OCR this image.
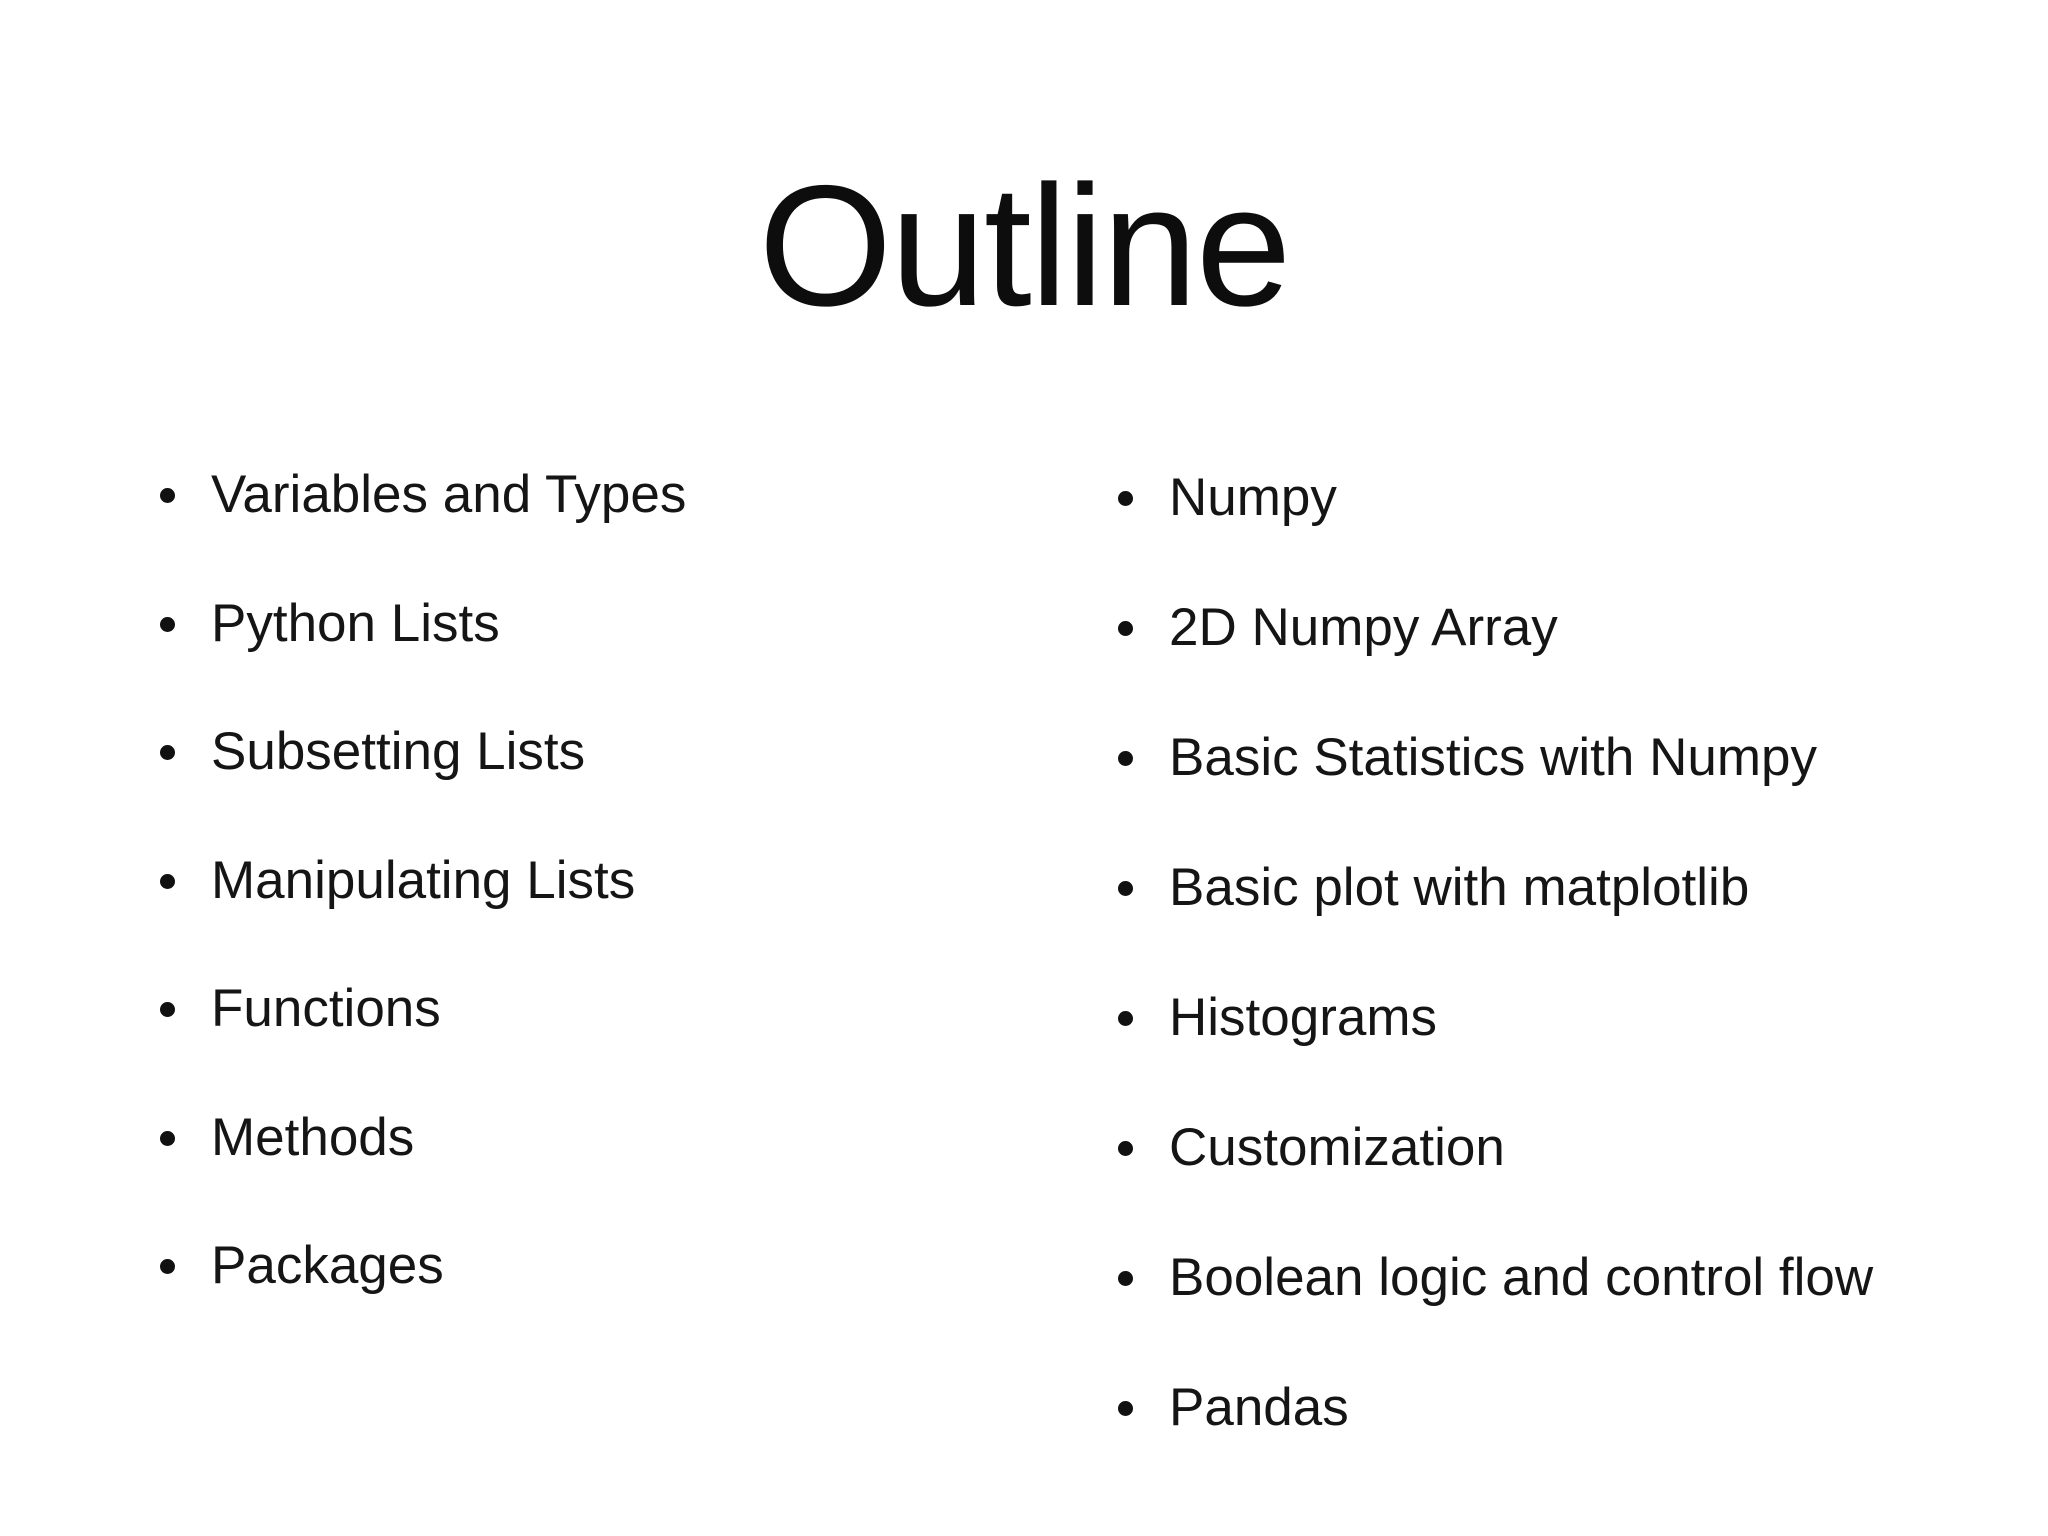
Outline
Variables and Types
Python Lists
Subsetting Lists
Manipulating Lists
Functions
Methods
Packages
Numpy
2D Numpy Array
Basic Statistics with Numpy
Basic plot with matplotlib
Histograms
Customization
Boolean logic and control flow
Pandas
